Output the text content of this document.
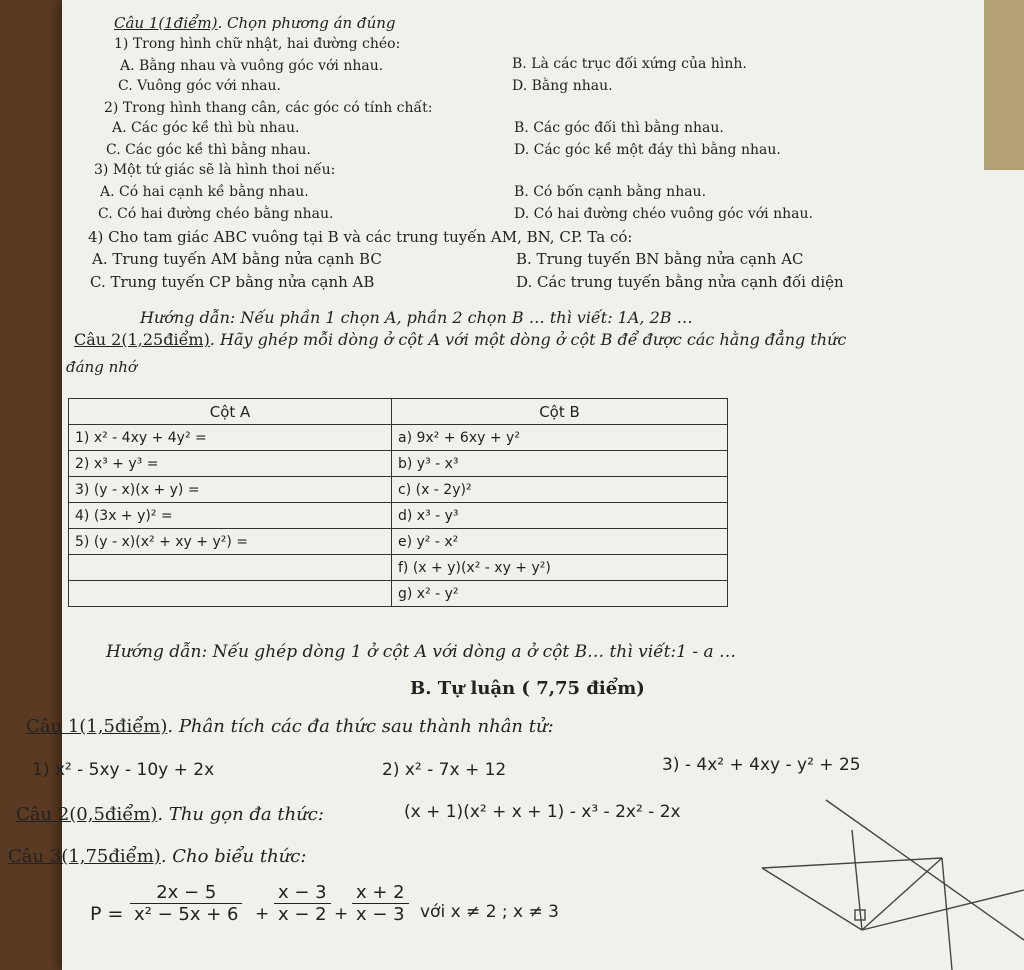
Câu 1(1điểm). Chọn phương án đúng
1) Trong hình chữ nhật, hai đường chéo:
A. Bằng nhau và vuông góc với nhau.	B. Là các trục đối xứng của hình.
C. Vuông góc với nhau.	D. Bằng nhau.
2) Trong hình thang cân, các góc có tính chất:
A. Các góc kề thì bù nhau.	B. Các góc đối thì bằng nhau.
C. Các góc kề thì bằng nhau.	D. Các góc kề một đáy thì bằng nhau.
3) Một tứ giác sẽ là hình thoi nếu:
A. Có hai cạnh kề bằng nhau.	B. Có bốn cạnh bằng nhau.
C. Có hai đường chéo bằng nhau.	D. Có hai đường chéo vuông góc với nhau.
4) Cho tam giác ABC vuông tại B và các trung tuyến AM, BN, CP. Ta có:
A. Trung tuyến AM bằng nửa cạnh BC	B. Trung tuyến BN bằng nửa cạnh AC
C. Trung tuyến CP bằng nửa cạnh AB	D. Các trung tuyến bằng nửa cạnh đối diện
Hướng dẫn: Nếu phần 1 chọn A, phần 2 chọn B … thì viết: 1A, 2B …
Câu 2(1,25điểm). Hãy ghép mỗi dòng ở cột A với một dòng ở cột B để được các hằng đẳng thức
đáng nhớ
Cột A	Cột B
1) x² - 4xy + 4y² =	a) 9x² + 6xy + y²
2) x³ + y³ =	b) y³ - x³
3) (y - x)(x + y) =	c) (x - 2y)²
4) (3x + y)² =	d) x³ - y³
5) (y - x)(x² + xy + y²) =	e) y² - x²
	f) (x + y)(x² - xy + y²)
	g) x² - y²
Hướng dẫn: Nếu ghép dòng 1 ở cột A với dòng a ở cột B… thì viết:1 - a …
B. Tự luận ( 7,75 điểm)
Câu 1(1,5điểm). Phân tích các đa thức sau thành nhân tử:
1) x² - 5xy - 10y + 2x	2) x² - 7x + 12	3) - 4x² + 4xy - y² + 25
Câu 2(0,5điểm). Thu gọn đa thức:	(x + 1)(x² + x + 1) - x³ - 2x² - 2x
Câu 3(1,75điểm). Cho biểu thức:
$P = \frac{2x - 5}{\text{x² − 5x + 6}} + \frac{x - 3}{x - 2} + \frac{x + 2}{x - 3}$ với x ≠ 2 ; x ≠ 3
